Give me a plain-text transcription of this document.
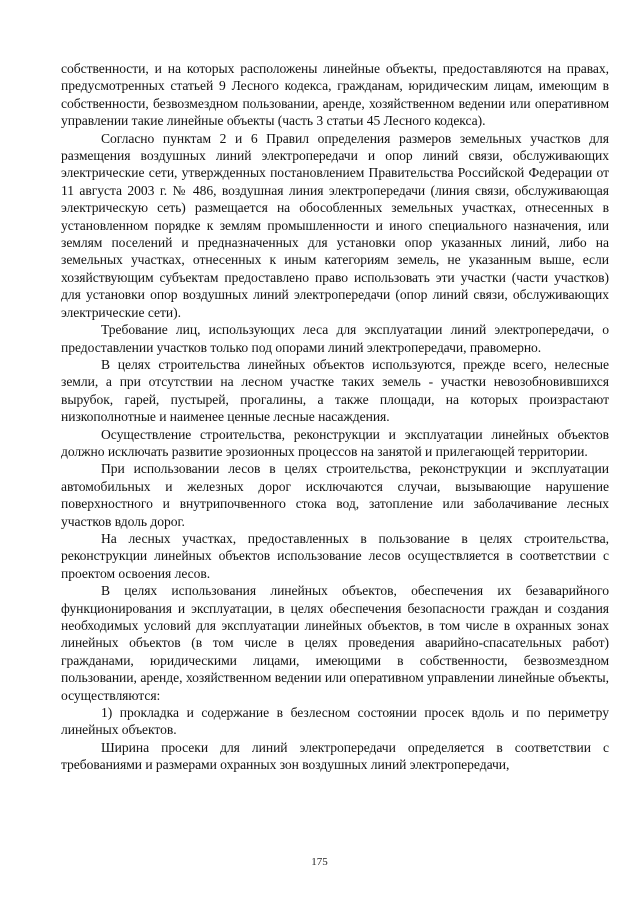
собственности, и на которых расположены линейные объекты, предоставляются на правах, предусмотренных статьей 9 Лесного кодекса, гражданам, юридическим лицам, имеющим в собственности, безвозмездном пользовании, аренде, хозяйственном ведении или оперативном управлении такие линейные объекты (часть 3 статьи 45 Лесного кодекса).

Согласно пунктам 2 и 6 Правил определения размеров земельных участков для размещения воздушных линий электропередачи и опор линий связи, обслуживающих электрические сети, утвержденных постановлением Правительства Российской Федерации от 11 августа 2003 г. № 486, воздушная линия электропередачи (линия связи, обслуживающая электрическую сеть) размещается на обособленных земельных участках, отнесенных в установленном порядке к землям промышленности и иного специального назначения, или землям поселений и предназначенных для установки опор указанных линий, либо на земельных участках, отнесенных к иным категориям земель, не указанным выше, если хозяйствующим субъектам предоставлено право использовать эти участки (части участков) для установки опор воздушных линий электропередачи (опор линий связи, обслуживающих электрические сети).

Требование лиц, использующих леса для эксплуатации линий электропередачи, о предоставлении участков только под опорами линий электропередачи, правомерно.

В целях строительства линейных объектов используются, прежде всего, нелесные земли, а при отсутствии на лесном участке таких земель - участки невозобновившихся вырубок, гарей, пустырей, прогалины, а также площади, на которых произрастают низкополнотные и наименее ценные лесные насаждения.

Осуществление строительства, реконструкции и эксплуатации линейных объектов должно исключать развитие эрозионных процессов на занятой и прилегающей территории.

При использовании лесов в целях строительства, реконструкции и эксплуатации автомобильных и железных дорог исключаются случаи, вызывающие нарушение поверхностного и внутрипочвенного стока вод, затопление или заболачивание лесных участков вдоль дорог.

На лесных участках, предоставленных в пользование в целях строительства, реконструкции линейных объектов использование лесов осуществляется в соответствии с проектом освоения лесов.

В целях использования линейных объектов, обеспечения их безаварийного функционирования и эксплуатации, в целях обеспечения безопасности граждан и создания необходимых условий для эксплуатации линейных объектов, в том числе в охранных зонах линейных объектов (в том числе в целях проведения аварийно-спасательных работ) гражданами, юридическими лицами, имеющими в собственности, безвозмездном пользовании, аренде, хозяйственном ведении или оперативном управлении линейные объекты, осуществляются:

1) прокладка и содержание в безлесном состоянии просек вдоль и по периметру линейных объектов.

Ширина просеки для линий электропередачи определяется в соответствии с требованиями и размерами охранных зон воздушных линий электропередачи,

175
